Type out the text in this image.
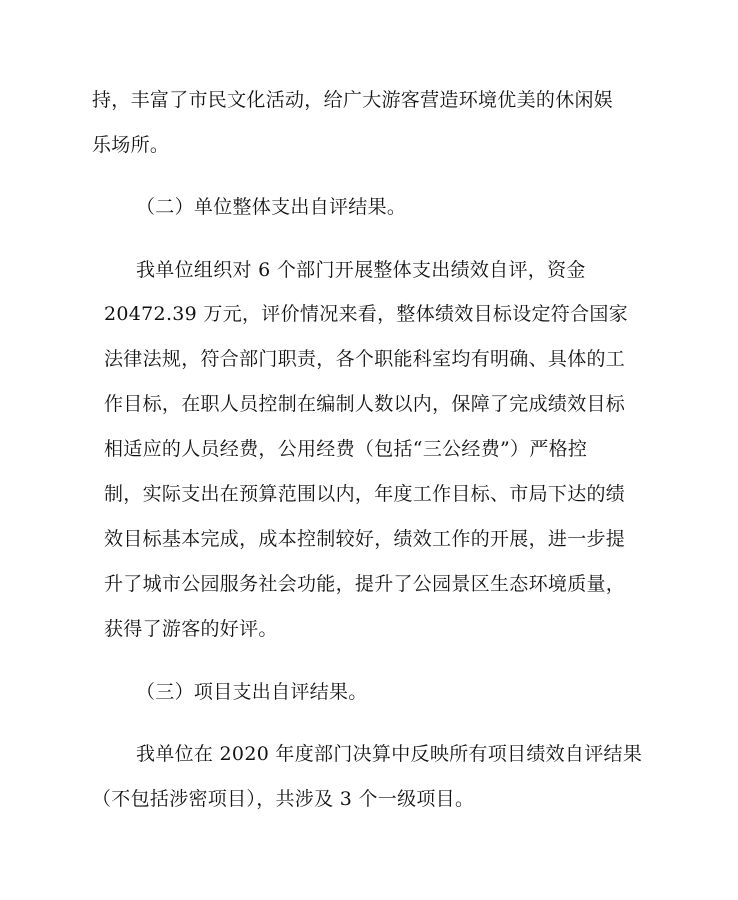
持，丰富了市民文化活动，给广大游客营造环境优美的休闲娱
乐场所。
（二）单位整体支出自评结果。
我单位组织对 6 个部门开展整体支出绩效自评，资金
20472.39 万元，评价情况来看，整体绩效目标设定符合国家
法律法规，符合部门职责，各个职能科室均有明确、具体的工
作目标，在职人员控制在编制人数以内，保障了完成绩效目标
相适应的人员经费，公用经费（包括“三公经费”）严格控
制，实际支出在预算范围以内，年度工作目标、市局下达的绩
效目标基本完成，成本控制较好，绩效工作的开展，进一步提
升了城市公园服务社会功能，提升了公园景区生态环境质量，
获得了游客的好评。
（三）项目支出自评结果。
我单位在 2020 年度部门决算中反映所有项目绩效自评结果
（不包括涉密项目），共涉及 3 个一级项目。
